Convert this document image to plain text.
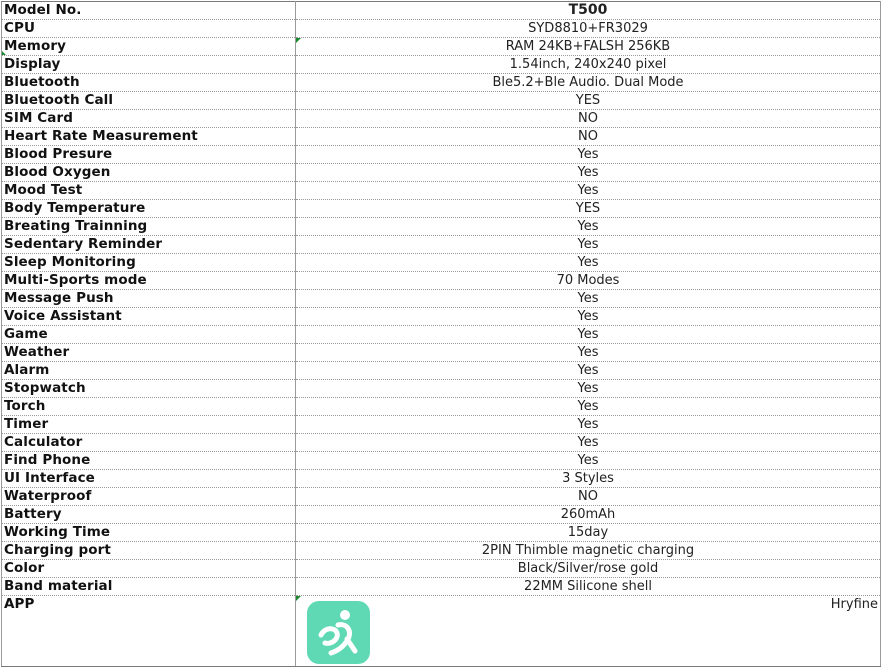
Model No.	T500
CPU	SYD8810+FR3029

Memory	RAM 24KB+FALSH 256KB
Display	1.54inch, 240x240 pixel
Bluetooth	Ble5.2+Ble Audio. Dual Mode
Bluetooth Call	YES
SIM Card	NO
Heart Rate Measurement	NO
Blood Presure	Yes
Blood Oxygen	Yes
Mood Test	Yes
Body Temperature	YES
Breating Trainning	Yes
Sedentary Reminder	Yes
Sleep Monitoring	Yes
Multi-Sports mode	70 Modes
Message Push	Yes
Voice Assistant	Yes
Game	Yes
Weather	Yes
Alarm	Yes
Stopwatch	Yes
Torch	Yes
Timer	Yes
Calculator	Yes
Find Phone	Yes
UI Interface	3 Styles
Waterproof	NO
Battery	260mAh
Working Time	15day
Charging port	2PIN Thimble magnetic charging
Color	Black/Silver/rose gold
Band material	22MM Silicone shell
APP	Hryfine
